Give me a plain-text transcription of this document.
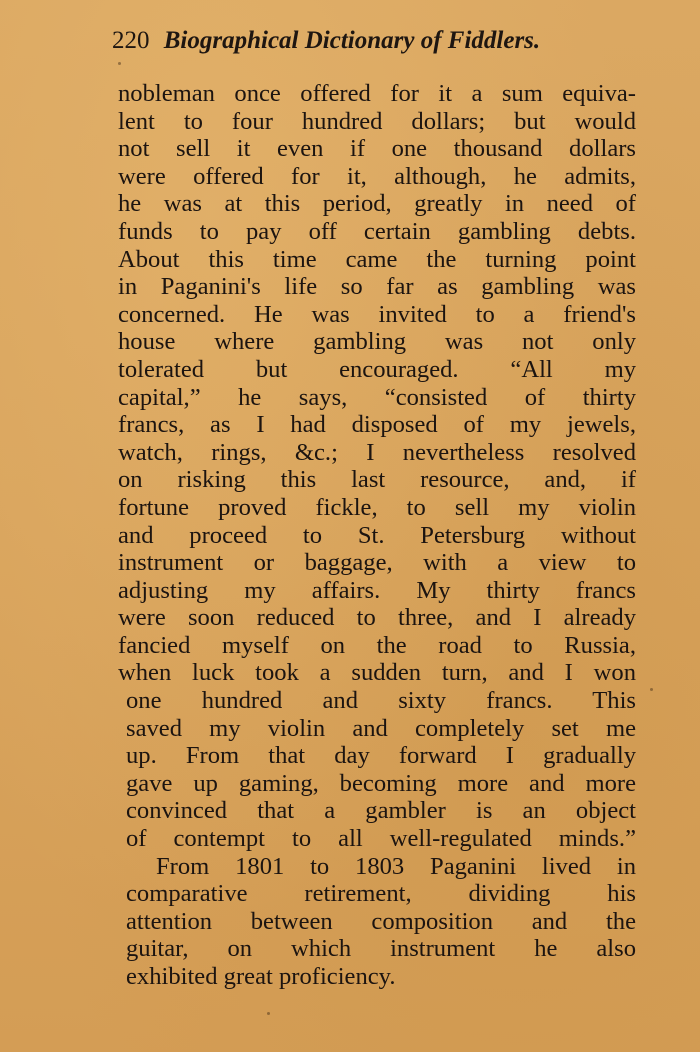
220 Biographical Dictionary of Fiddlers.
nobleman once offered for it a sum equiva-
lent to four hundred dollars; but would
not sell it even if one thousand dollars
were offered for it, although, he admits,
he was at this period, greatly in need of
funds to pay off certain gambling debts.
About this time came the turning point
in Paganini's life so far as gambling was
concerned. He was invited to a friend's
house where gambling was not only
tolerated but encouraged. “All my
capital,” he says, “consisted of thirty
francs, as I had disposed of my jewels,
watch, rings, &c.; I nevertheless resolved
on risking this last resource, and, if
fortune proved fickle, to sell my violin
and proceed to St. Petersburg without
instrument or baggage, with a view to
adjusting my affairs. My thirty francs
were soon reduced to three, and I already
fancied myself on the road to Russia,
when luck took a sudden turn, and I won
one hundred and sixty francs. This
saved my violin and completely set me
up. From that day forward I gradually
gave up gaming, becoming more and more
convinced that a gambler is an object
of contempt to all well-regulated minds.”
From 1801 to 1803 Paganini lived in
comparative retirement, dividing his
attention between composition and the
guitar, on which instrument he also
exhibited great proficiency.
